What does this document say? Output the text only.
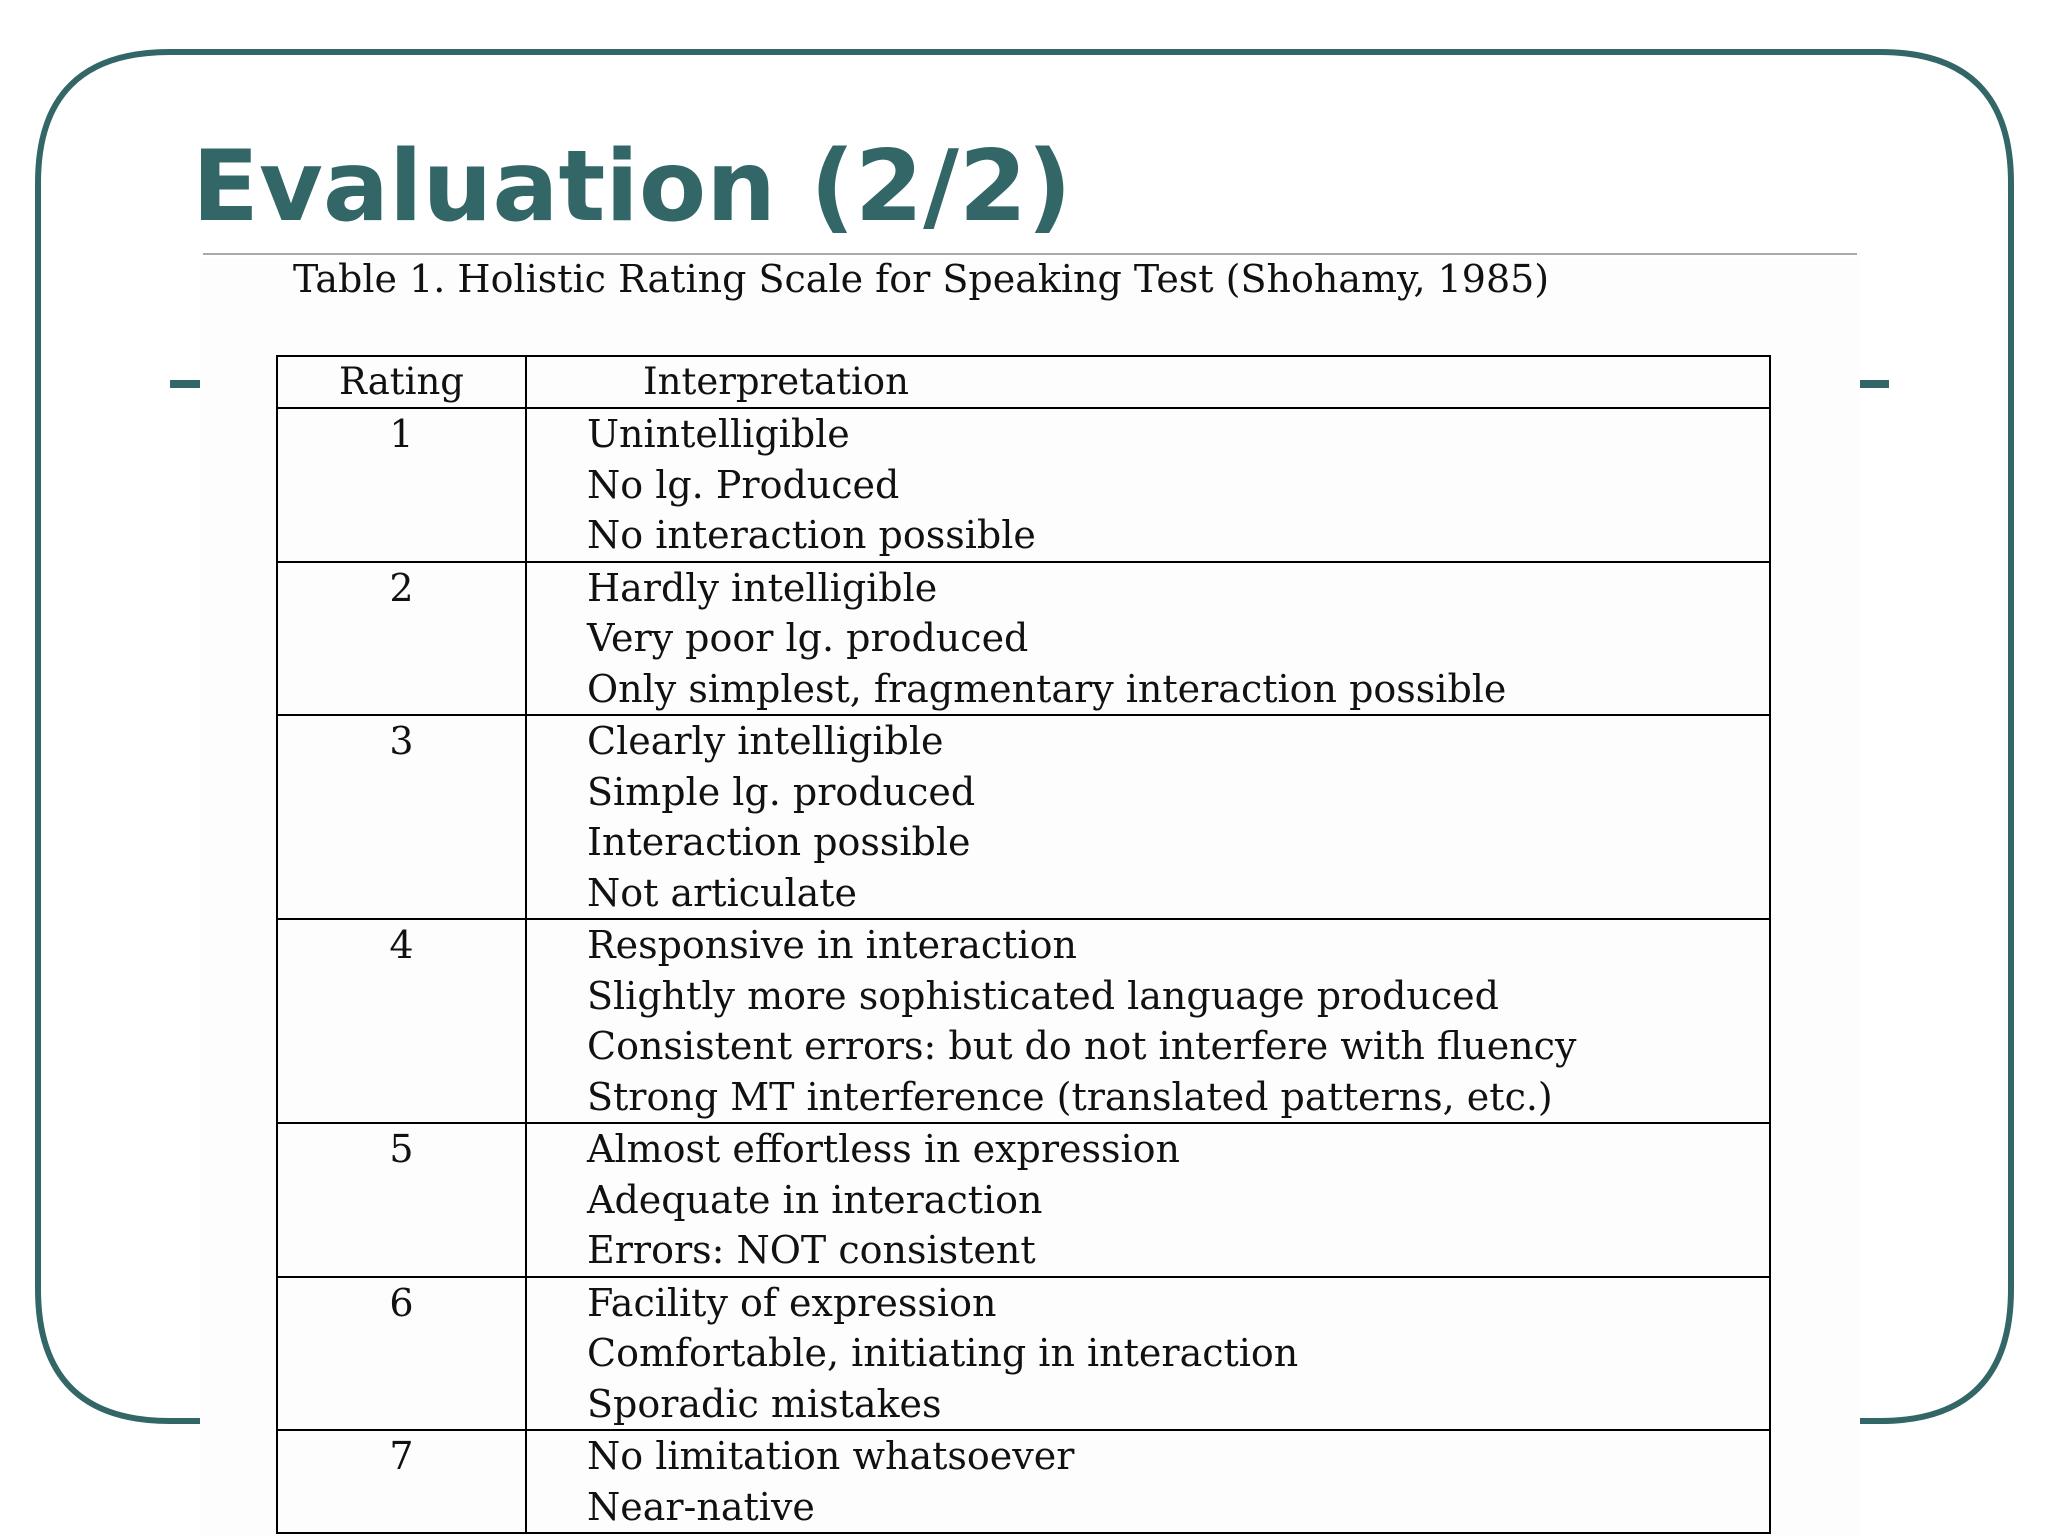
Evaluation (2/2)
Table 1. Holistic Rating Scale for Speaking Test (Shohamy, 1985)
Rating	Interpretation
1	Unintelligible
No lg. Produced
No interaction possible

2	Hardly intelligible
Very poor lg. produced
Only simplest, fragmentary interaction possible

3	Clearly intelligible
Simple lg. produced
Interaction possible
Not articulate

4	Responsive in interaction
Slightly more sophisticated language produced
Consistent errors: but do not interfere with fluency
Strong MT interference (translated patterns, etc.)

5	Almost effortless in expression
Adequate in interaction
Errors: NOT consistent

6	Facility of expression
Comfortable, initiating in interaction
Sporadic mistakes

7	No limitation whatsoever
Near-native
